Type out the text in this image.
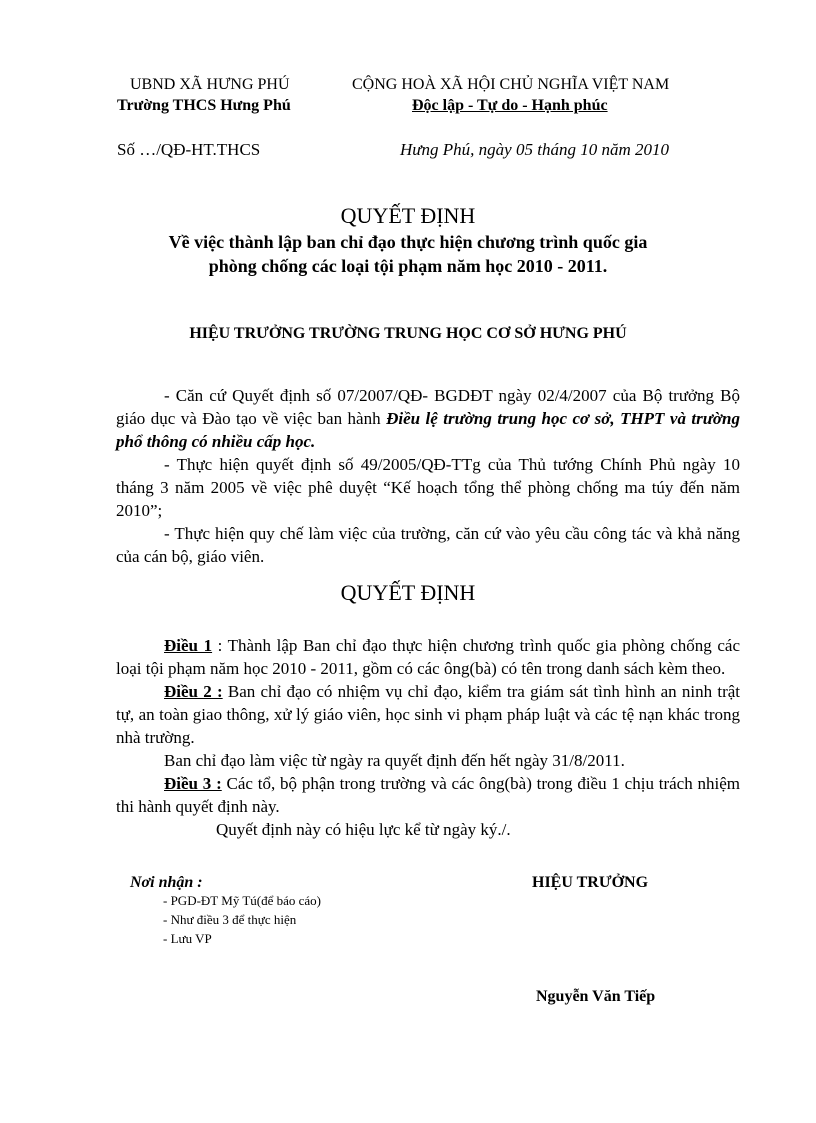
UBND XÃ HƯNG PHÚ
Trường THCS Hưng Phú
CỘNG HOÀ XÃ HỘI CHỦ NGHĨA VIỆT NAM
Độc lập - Tự do - Hạnh phúc
Số …/QĐ-HT.THCS	Hưng Phú, ngày 05 tháng 10 năm 2010
QUYẾT ĐỊNH
Về việc thành lập ban chỉ đạo thực hiện chương trình quốc gia
phòng chống các loại tội phạm năm học 2010 - 2011.
HIỆU TRƯỞNG TRƯỜNG TRUNG HỌC CƠ SỞ HƯNG PHÚ

- Căn cứ Quyết định số 07/2007/QĐ- BGDĐT ngày 02/4/2007 của Bộ trưởng Bộ giáo dục và Đào tạo về việc ban hành Điều lệ trường trung học cơ sở, THPT và trường phổ thông có nhiều cấp học.

- Thực hiện quyết định số 49/2005/QĐ-TTg của Thủ tướng Chính Phủ ngày 10 tháng 3 năm 2005 về việc phê duyệt “Kế hoạch tổng thể phòng chống ma túy đến năm 2010”;

- Thực hiện quy chế làm việc của trường, căn cứ vào yêu cầu công tác và khả năng của cán bộ, giáo viên.

QUYẾT ĐỊNH

Điều 1 : Thành lập Ban chỉ đạo thực hiện chương trình quốc gia phòng chống các loại tội phạm năm học 2010 - 2011, gồm có các ông(bà) có tên trong danh sách kèm theo.

Điều 2 : Ban chỉ đạo có nhiệm vụ chỉ đạo, kiểm tra giám sát tình hình an ninh trật tự, an toàn giao thông, xử lý giáo viên, học sinh vi phạm pháp luật và các tệ nạn khác trong nhà trường.

Ban chỉ đạo làm việc từ ngày ra quyết định đến hết ngày 31/8/2011.

Điều 3 : Các tổ, bộ phận trong trường và các ông(bà) trong điều 1 chịu trách nhiệm thi hành quyết định này.

Quyết định này có hiệu lực kể từ ngày ký./.

Nơi nhận :
- PGD-ĐT Mỹ Tú(để báo cáo)
- Như điều 3 để thực hiện
- Lưu VP
HIỆU TRƯỞNG
Nguyễn Văn Tiếp
